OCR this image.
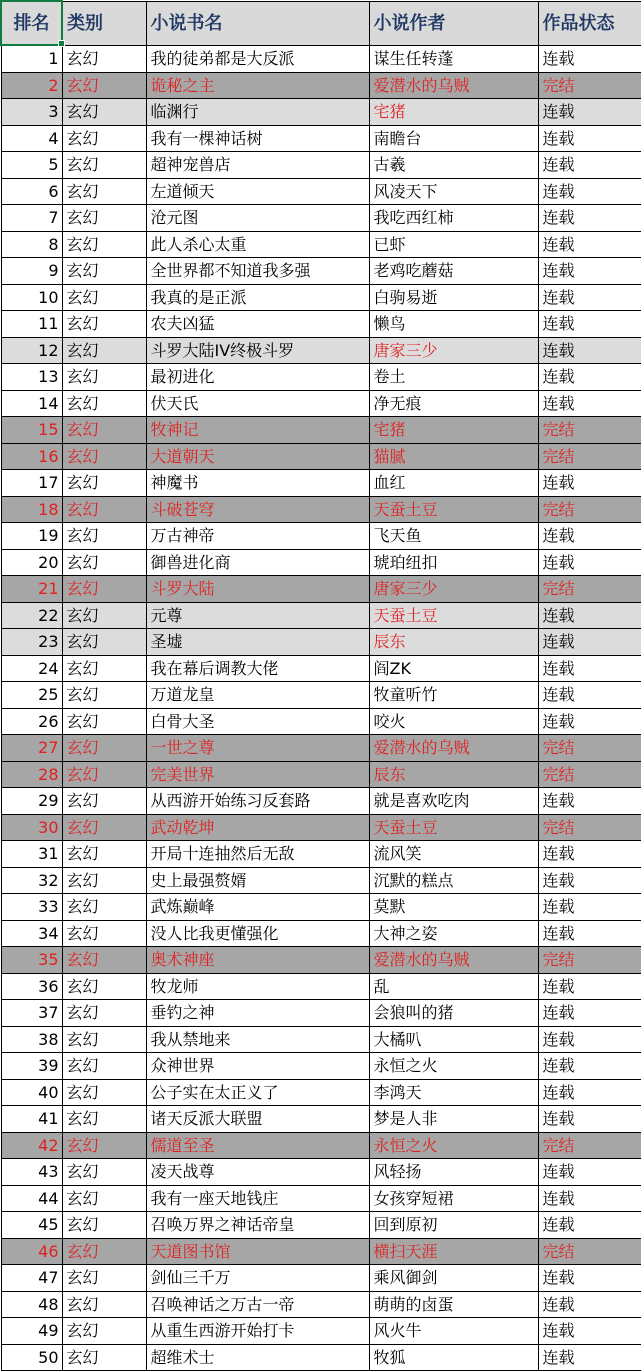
排名	类别	小说书名	小说作者	作品状态
1	玄幻	我的徒弟都是大反派	谋生任转蓬	连载
2	玄幻	诡秘之主	爱潜水的乌贼	完结
3	玄幻	临渊行	宅猪	连载
4	玄幻	我有一棵神话树	南瞻台	连载
5	玄幻	超神宠兽店	古羲	连载
6	玄幻	左道倾天	风凌天下	连载
7	玄幻	沧元图	我吃西红柿	连载
8	玄幻	此人杀心太重	已虾	连载
9	玄幻	全世界都不知道我多强	老鸡吃蘑菇	连载
10	玄幻	我真的是正派	白驹易逝	连载
11	玄幻	农夫凶猛	懒鸟	连载
12	玄幻	斗罗大陆IV终极斗罗	唐家三少	连载
13	玄幻	最初进化	卷土	连载
14	玄幻	伏天氏	净无痕	连载
15	玄幻	牧神记	宅猪	完结
16	玄幻	大道朝天	猫腻	完结
17	玄幻	神魔书	血红	连载
18	玄幻	斗破苍穹	天蚕土豆	完结
19	玄幻	万古神帝	飞天鱼	连载
20	玄幻	御兽进化商	琥珀纽扣	连载
21	玄幻	斗罗大陆	唐家三少	完结
22	玄幻	元尊	天蚕土豆	连载
23	玄幻	圣墟	辰东	连载
24	玄幻	我在幕后调教大佬	阎ZK	连载
25	玄幻	万道龙皇	牧童听竹	连载
26	玄幻	白骨大圣	咬火	连载
27	玄幻	一世之尊	爱潜水的乌贼	完结
28	玄幻	完美世界	辰东	完结
29	玄幻	从西游开始练习反套路	就是喜欢吃肉	连载
30	玄幻	武动乾坤	天蚕土豆	完结
31	玄幻	开局十连抽然后无敌	流风笑	连载
32	玄幻	史上最强赘婿	沉默的糕点	连载
33	玄幻	武炼巅峰	莫默	连载
34	玄幻	没人比我更懂强化	大神之姿	连载
35	玄幻	奥术神座	爱潜水的乌贼	完结
36	玄幻	牧龙师	乱	连载
37	玄幻	垂钓之神	会狼叫的猪	连载
38	玄幻	我从禁地来	大橘叭	连载
39	玄幻	众神世界	永恒之火	连载
40	玄幻	公子实在太正义了	李鸿天	连载
41	玄幻	诸天反派大联盟	梦是人非	连载
42	玄幻	儒道至圣	永恒之火	完结
43	玄幻	凌天战尊	风轻扬	连载
44	玄幻	我有一座天地钱庄	女孩穿短裙	连载
45	玄幻	召唤万界之神话帝皇	回到原初	连载
46	玄幻	天道图书馆	横扫天涯	完结
47	玄幻	剑仙三千万	乘风御剑	连载
48	玄幻	召唤神话之万古一帝	萌萌的卤蛋	连载
49	玄幻	从重生西游开始打卡	风火牛	连载
50	玄幻	超维术士	牧狐	连载
